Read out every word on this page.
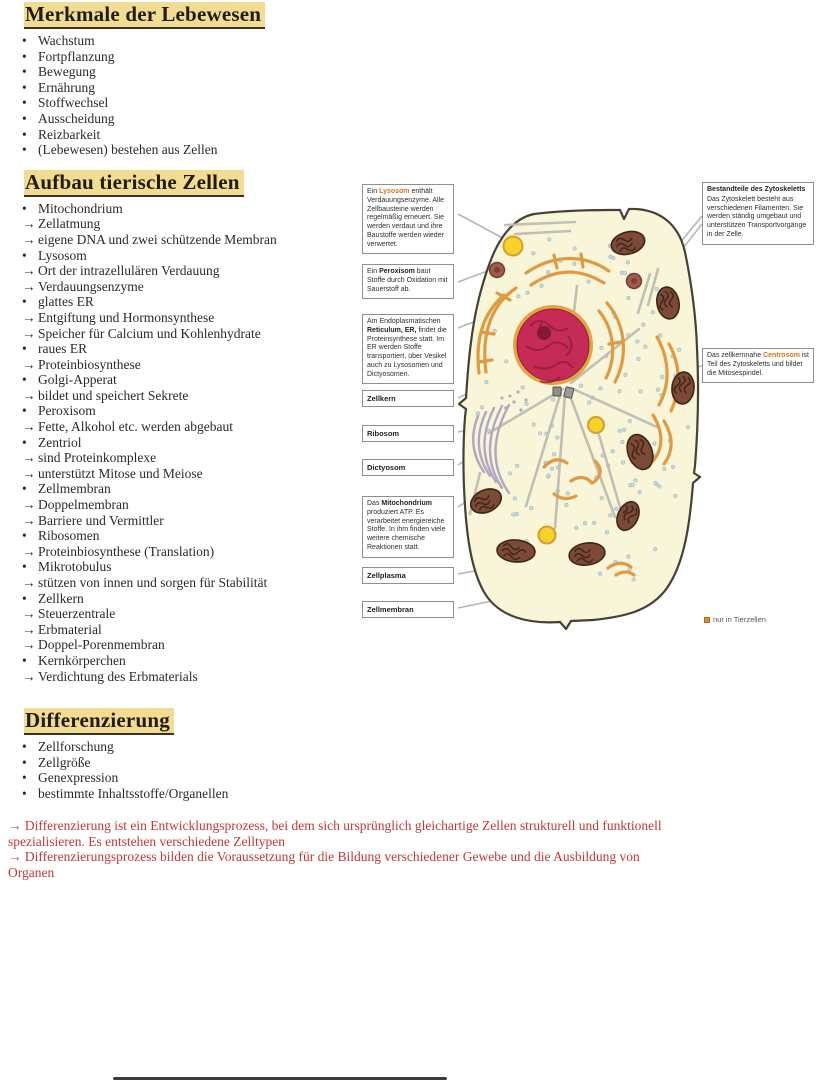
Merkmale der Lebewesen
• Wachstum
• Fortpflanzung
• Bewegung
• Ernährung
• Stoffwechsel
• Ausscheidung
• Reizbarkeit
• (Lebewesen) bestehen aus Zellen
Aufbau tierische Zellen
• Mitochondrium
→ Zellatmung
→ eigene DNA und zwei schützende Membran
• Lysosom
→ Ort der intrazellulären Verdauung
→ Verdauungsenzyme
• glattes ER
→ Entgiftung und Hormonsynthese
→ Speicher für Calcium und Kohlenhydrate
• raues ER
→ Proteinbiosynthese
• Golgi-Apperat
→ bildet und speichert Sekrete
• Peroxisom
→ Fette, Alkohol etc. werden abgebaut
• Zentriol
→ sind Proteinkomplexe
→ unterstützt Mitose und Meiose
• Zellmembran
→ Doppelmembran
→ Barriere und Vermittler
• Ribosomen
→ Proteinbiosynthese (Translation)
• Mikrotobulus
→ stützen von innen und sorgen für Stabilität
• Zellkern
→ Steuerzentrale
→ Erbmaterial
→ Doppel-Porenmembran
• Kernkörperchen
→ Verdichtung des Erbmaterials
Differenzierung
• Zellforschung
• Zellgröße
• Genexpression
• bestimmte Inhaltsstoffe/Organellen
→ Differenzierung ist ein Entwicklungsprozess, bei dem sich ursprünglich gleichartige Zellen strukturell und funktionell
spezialisieren. Es entstehen verschiedene Zelltypen
→ Differenzierungsprozess bilden die Voraussetzung für die Bildung verschiedener Gewebe und die Ausbildung von
Organen
Ein Lysosom enthält Verdauungsenzyme. Alle Zellbausteine werden regelmäßig erneuert. Sie werden verdaut und ihre Baustoffe werden wieder verwertet.
Ein Peroxisom baut Stoffe durch Oxidation mit Sauerstoff ab.
Am Endoplasmatischen Reticulum, ER, findet die Proteinsynthese statt. Im ER werden Stoffe transportiert, über Vesikel auch zu Lysosomen und Dictyosomen.
Zellkern
Ribosom
Dictyosom
Das Mitochondrium produziert ATP. Es verarbeitet energiereiche Stoffe. In ihm finden viele weitere chemische Reaktionen statt.
Zellplasma
Zellmembran
Bestandteile des Zytoskeletts
Das Zytoskelett besteht aus verschiedenen Filamenten. Sie werden ständig umgebaut und unterstützen Transportvorgänge in der Zelle.
Das zellkernnahe Centrosom ist Teil des Zytoskeletts und bildet die Mitosespindel.
nur in Tierzellen
